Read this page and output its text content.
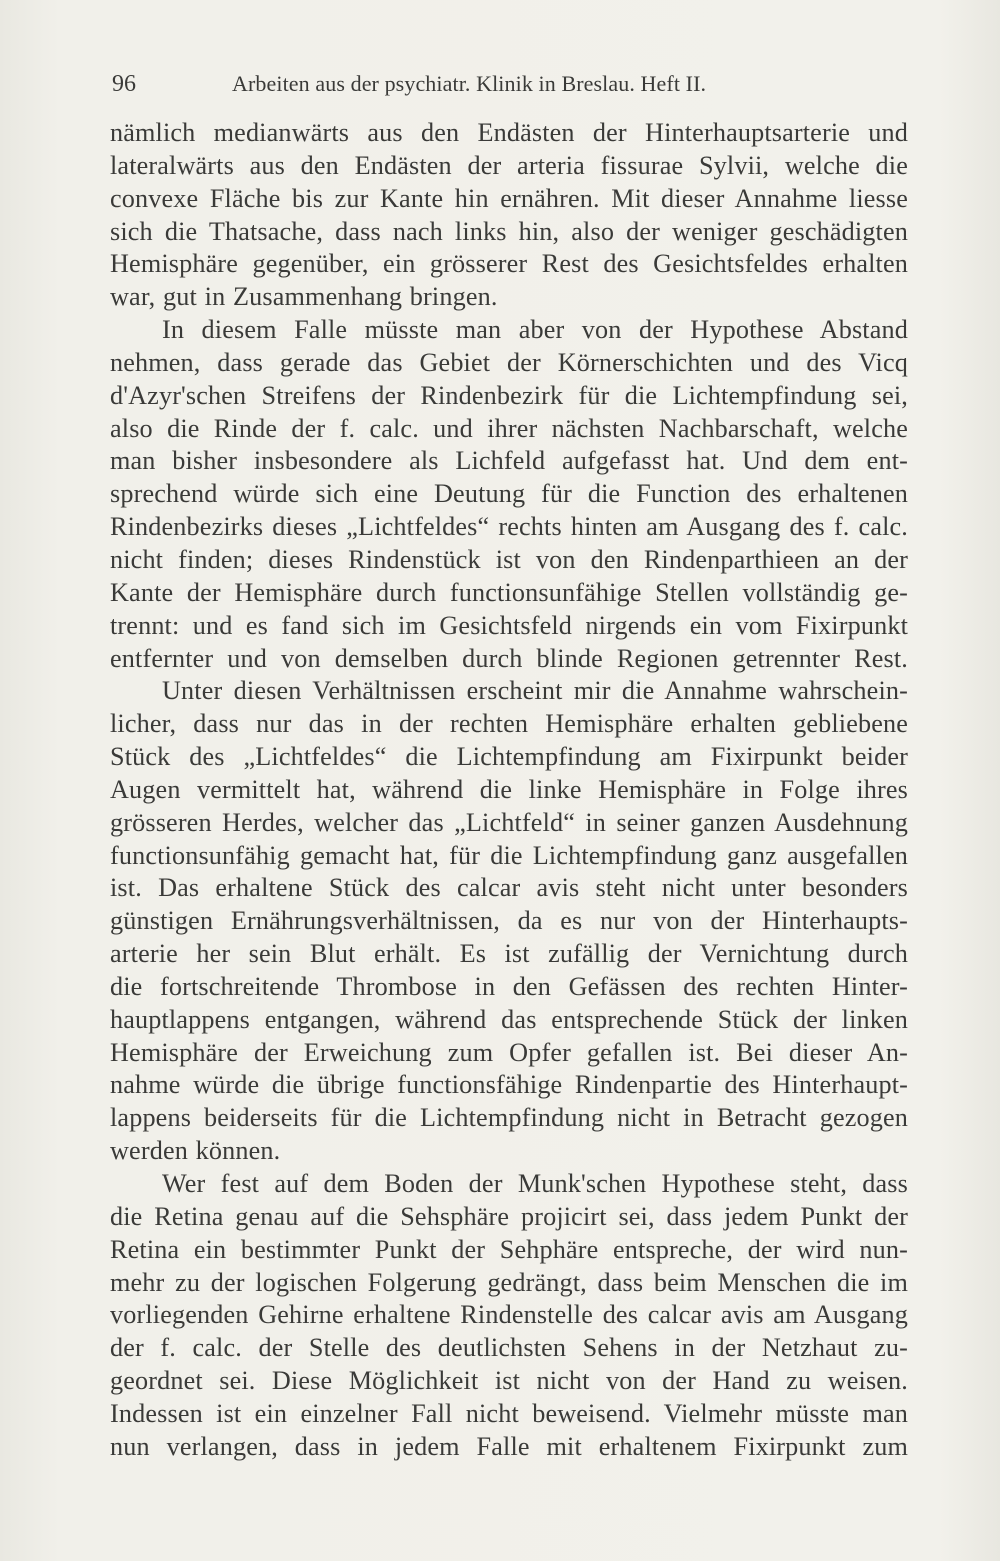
96	Arbeiten aus der psychiatr. Klinik in Breslau. Heft II.
nämlich medianwärts aus den Endästen der Hinterhauptsarterie und
lateralwärts aus den Endästen der arteria fissurae Sylvii, welche die
convexe Fläche bis zur Kante hin ernähren. Mit dieser Annahme liesse
sich die Thatsache, dass nach links hin, also der weniger geschädigten
Hemisphäre gegenüber, ein grösserer Rest des Gesichtsfeldes erhalten
war, gut in Zusammenhang bringen.
In diesem Falle müsste man aber von der Hypothese Abstand
nehmen, dass gerade das Gebiet der Körnerschichten und des Vicq
d'Azyr'schen Streifens der Rindenbezirk für die Lichtempfindung sei,
also die Rinde der f. calc. und ihrer nächsten Nachbarschaft, welche
man bisher insbesondere als Lichfeld aufgefasst hat. Und dem ent-
sprechend würde sich eine Deutung für die Function des erhaltenen
Rindenbezirks dieses „Lichtfeldes“ rechts hinten am Ausgang des f. calc.
nicht finden; dieses Rindenstück ist von den Rindenparthieen an der
Kante der Hemisphäre durch functionsunfähige Stellen vollständig ge-
trennt: und es fand sich im Gesichtsfeld nirgends ein vom Fixirpunkt
entfernter und von demselben durch blinde Regionen getrennter Rest.
Unter diesen Verhältnissen erscheint mir die Annahme wahrschein-
licher, dass nur das in der rechten Hemisphäre erhalten gebliebene
Stück des „Lichtfeldes“ die Lichtempfindung am Fixirpunkt beider
Augen vermittelt hat, während die linke Hemisphäre in Folge ihres
grösseren Herdes, welcher das „Lichtfeld“ in seiner ganzen Ausdehnung
functionsunfähig gemacht hat, für die Lichtempfindung ganz ausgefallen
ist. Das erhaltene Stück des calcar avis steht nicht unter besonders
günstigen Ernährungsverhältnissen, da es nur von der Hinterhaupts-
arterie her sein Blut erhält. Es ist zufällig der Vernichtung durch
die fortschreitende Thrombose in den Gefässen des rechten Hinter-
hauptlappens entgangen, während das entsprechende Stück der linken
Hemisphäre der Erweichung zum Opfer gefallen ist. Bei dieser An-
nahme würde die übrige functionsfähige Rindenpartie des Hinterhaupt-
lappens beiderseits für die Lichtempfindung nicht in Betracht gezogen
werden können.
Wer fest auf dem Boden der Munk'schen Hypothese steht, dass
die Retina genau auf die Sehsphäre projicirt sei, dass jedem Punkt der
Retina ein bestimmter Punkt der Sehphäre entspreche, der wird nun-
mehr zu der logischen Folgerung gedrängt, dass beim Menschen die im
vorliegenden Gehirne erhaltene Rindenstelle des calcar avis am Ausgang
der f. calc. der Stelle des deutlichsten Sehens in der Netzhaut zu-
geordnet sei. Diese Möglichkeit ist nicht von der Hand zu weisen.
Indessen ist ein einzelner Fall nicht beweisend. Vielmehr müsste man
nun verlangen, dass in jedem Falle mit erhaltenem Fixirpunkt zum
